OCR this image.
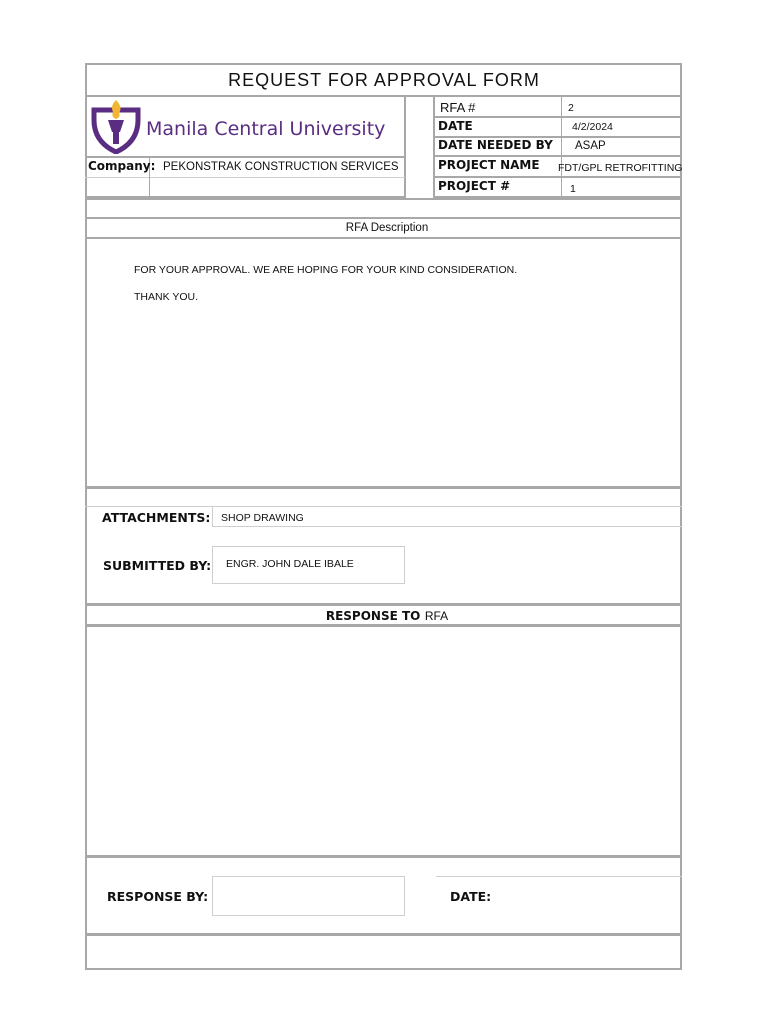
REQUEST FOR APPROVAL FORM
Manila Central University
Company: PEKONSTRAK CONSTRUCTION SERVICES
RFA #	2
DATE	4/2/2024
DATE NEEDED BY ASAP
PROJECT NAME FDT/GPL RETROFITTING
PROJECT #	1
RFA Description
FOR YOUR APPROVAL. WE ARE HOPING FOR YOUR KIND CONSIDERATION.
THANK YOU.
ATTACHMENTS: SHOP DRAWING
SUBMITTED BY: ENGR. JOHN DALE IBALE
RESPONSE TO RFA
RESPONSE BY:	DATE:
